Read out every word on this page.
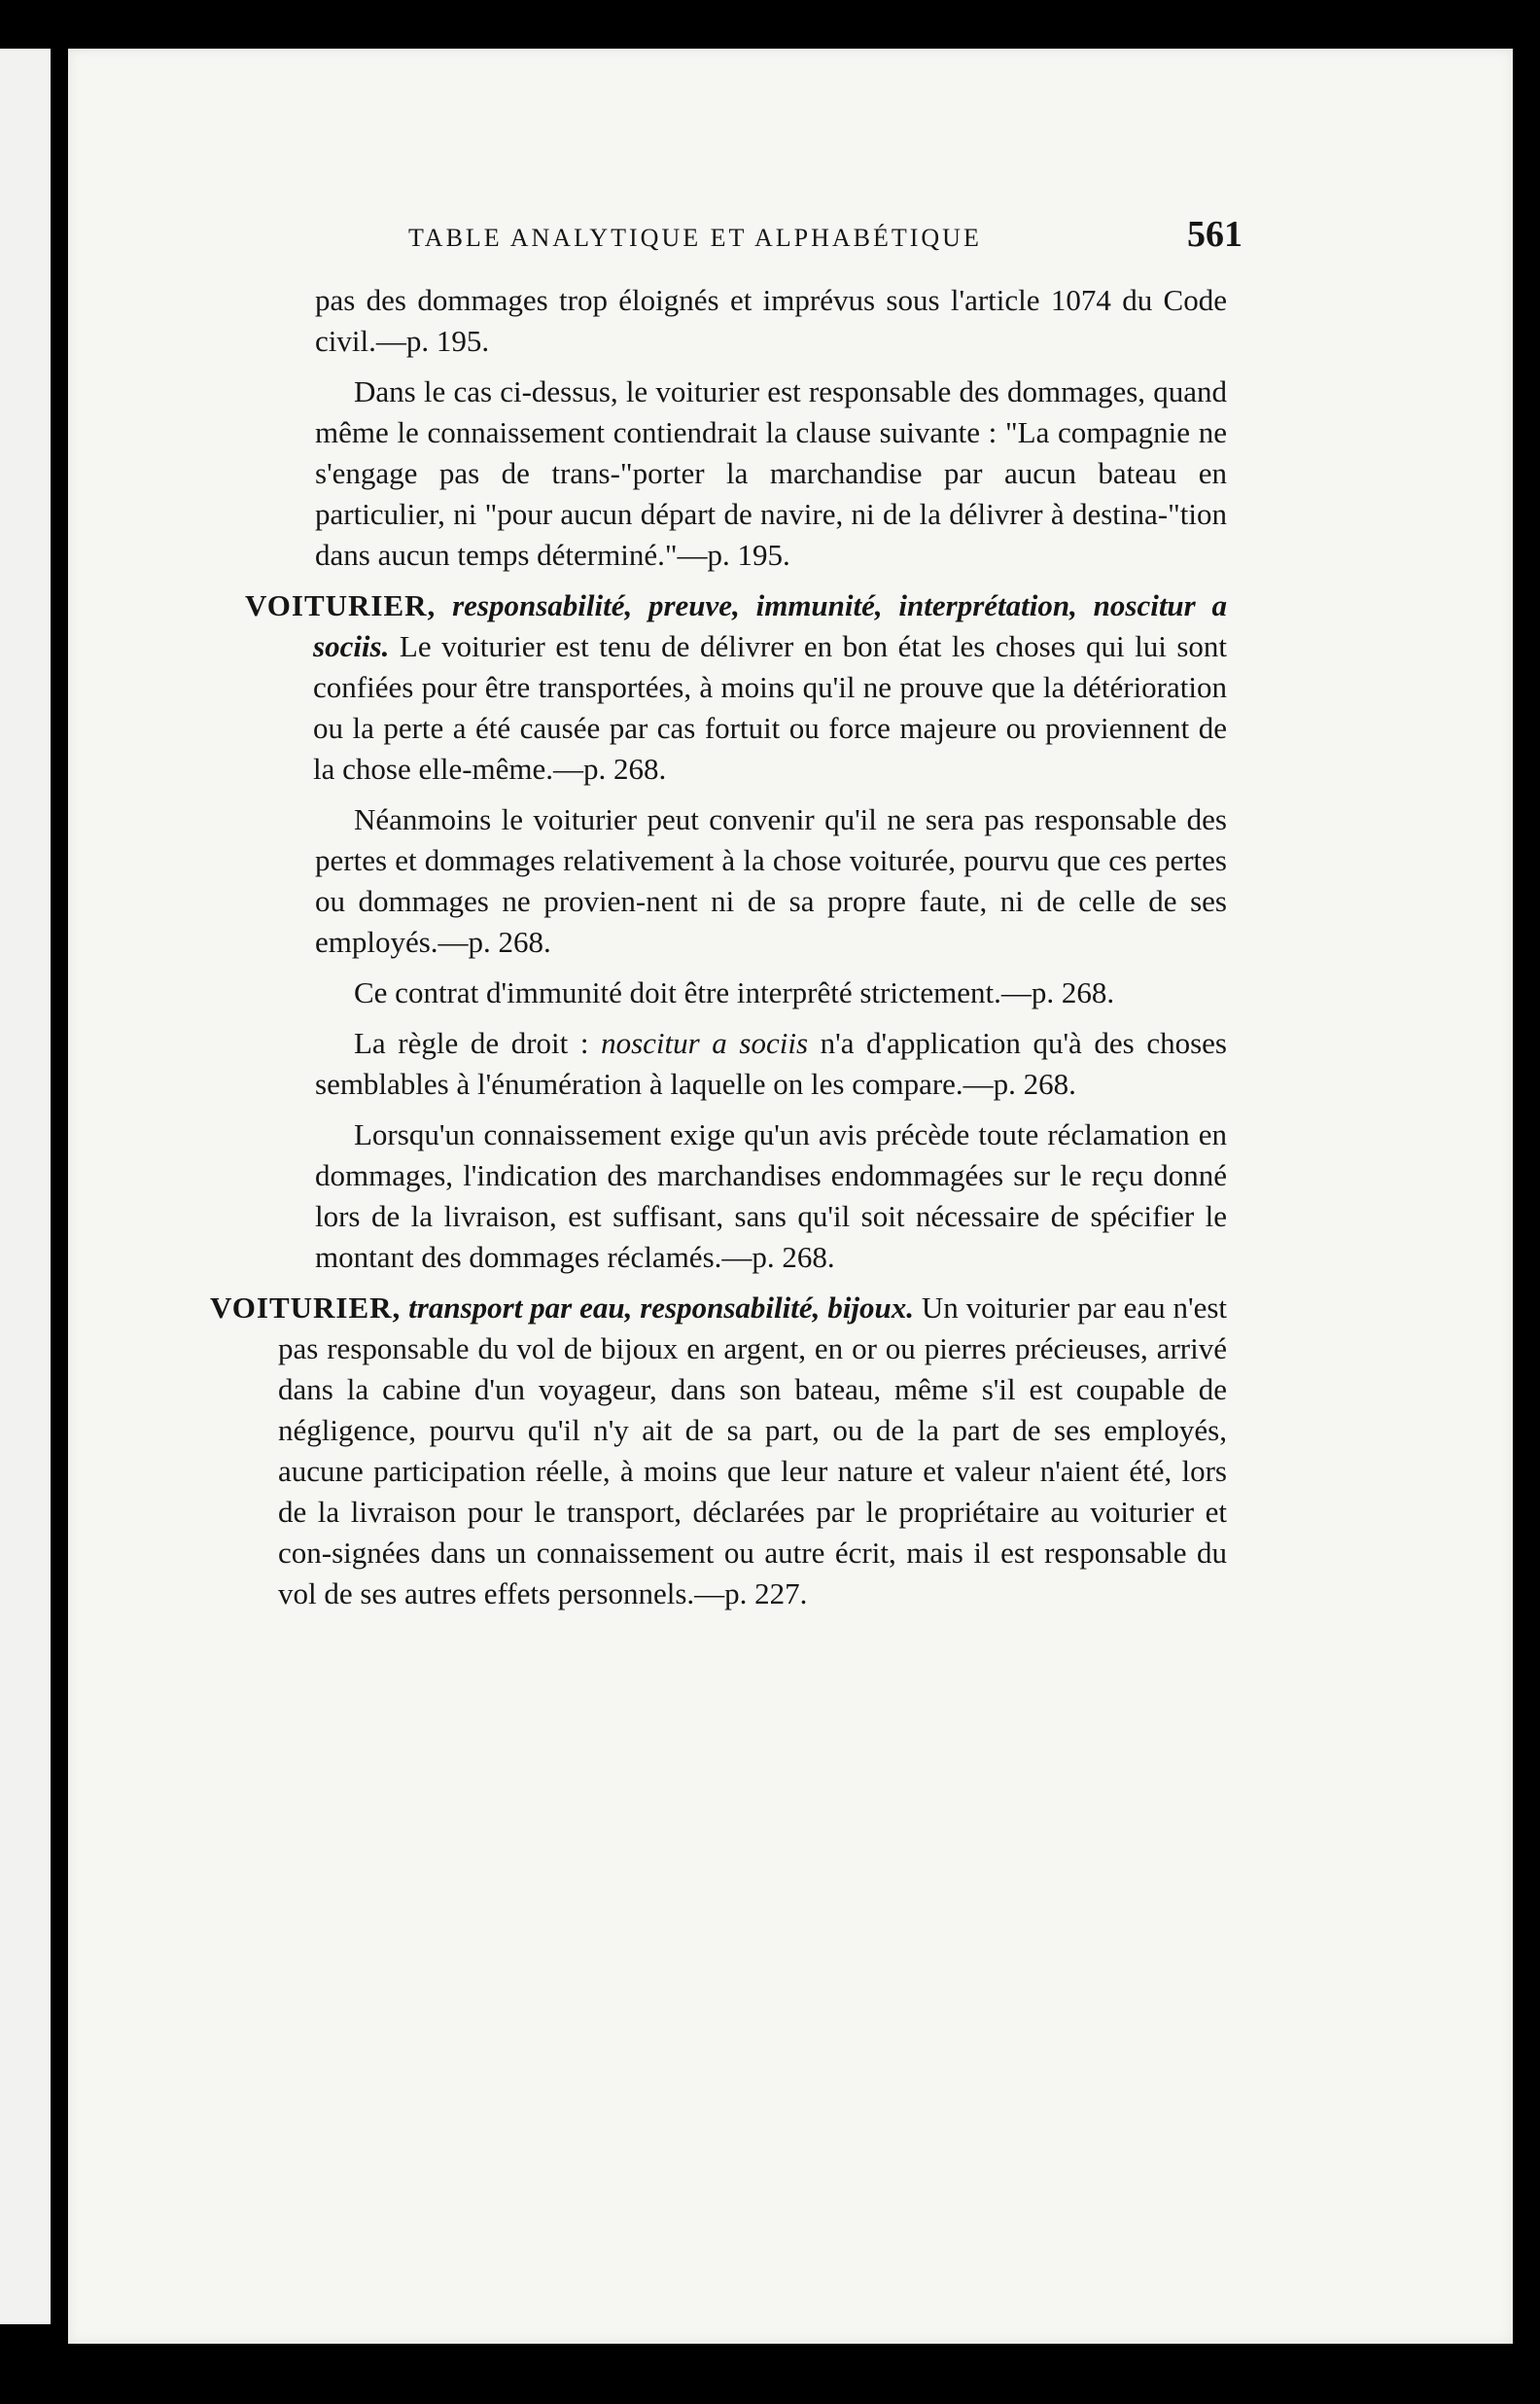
TABLE ANALYTIQUE ET ALPHABÉTIQUE	561

pas des dommages trop éloignés et imprévus sous l'article 1074 du Code civil.—p. 195.

Dans le cas ci-dessus, le voiturier est responsable des dommages, quand même le connaissement contiendrait la clause suivante : "La compagnie ne s'engage pas de trans-"porter la marchandise par aucun bateau en particulier, ni "pour aucun départ de navire, ni de la délivrer à destina-"tion dans aucun temps déterminé."—p. 195.

VOITURIER, responsabilité, preuve, immunité, interprétation, noscitur a sociis. Le voiturier est tenu de délivrer en bon état les choses qui lui sont confiées pour être transportées, à moins qu'il ne prouve que la détérioration ou la perte a été causée par cas fortuit ou force majeure ou proviennent de la chose elle-même.—p. 268.

Néanmoins le voiturier peut convenir qu'il ne sera pas responsable des pertes et dommages relativement à la chose voiturée, pourvu que ces pertes ou dommages ne provien-nent ni de sa propre faute, ni de celle de ses employés.—p. 268.

Ce contrat d'immunité doit être interprêté strictement.—p. 268.

La règle de droit : noscitur a sociis n'a d'application qu'à des choses semblables à l'énumération à laquelle on les compare.—p. 268.

Lorsqu'un connaissement exige qu'un avis précède toute réclamation en dommages, l'indication des marchandises endommagées sur le reçu donné lors de la livraison, est suffisant, sans qu'il soit nécessaire de spécifier le montant des dommages réclamés.—p. 268.

VOITURIER, transport par eau, responsabilité, bijoux. Un voiturier par eau n'est pas responsable du vol de bijoux en argent, en or ou pierres précieuses, arrivé dans la cabine d'un voyageur, dans son bateau, même s'il est coupable de négligence, pourvu qu'il n'y ait de sa part, ou de la part de ses employés, aucune participation réelle, à moins que leur nature et valeur n'aient été, lors de la livraison pour le transport, déclarées par le propriétaire au voiturier et con-signées dans un connaissement ou autre écrit, mais il est responsable du vol de ses autres effets personnels.—p. 227.
